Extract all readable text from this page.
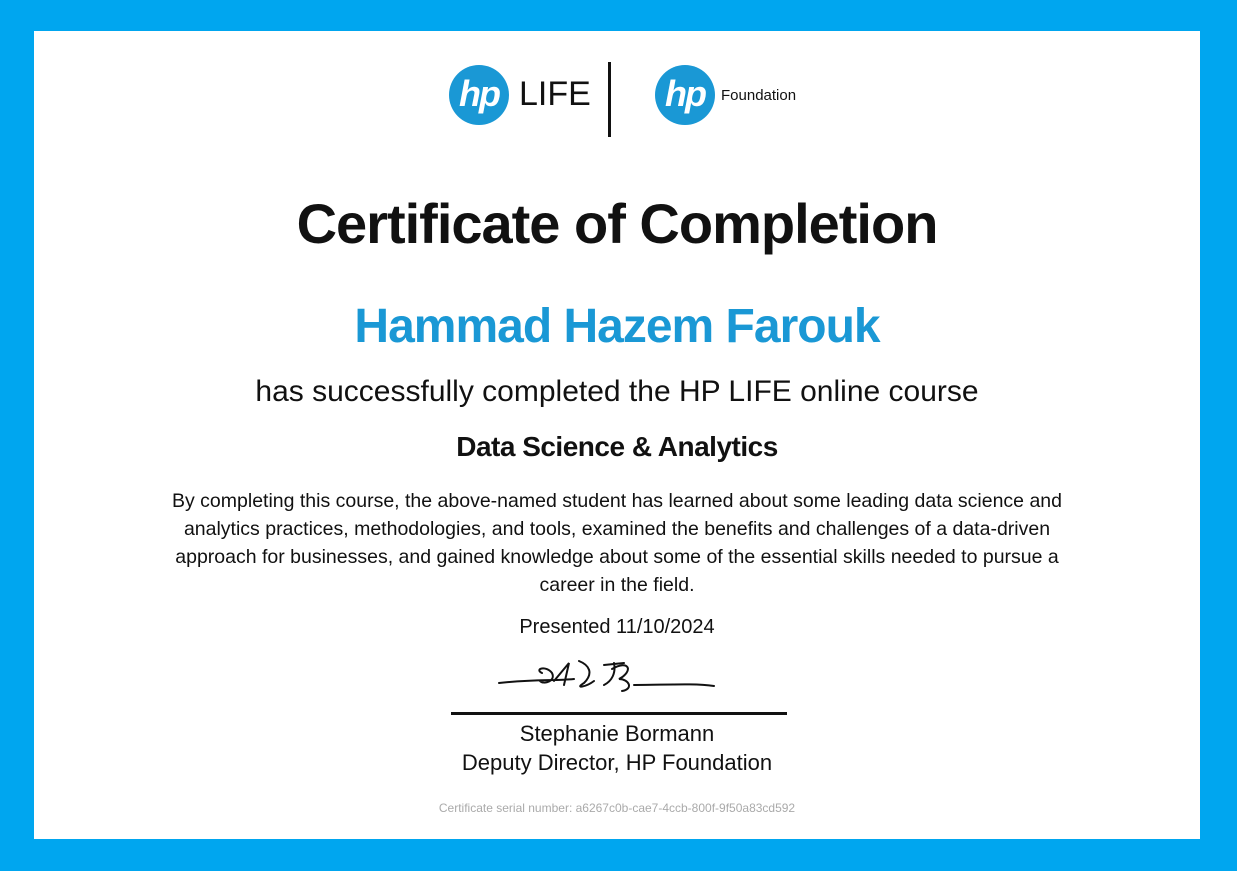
hp LIFE hp	Foundation
Certificate of Completion
Hammad Hazem Farouk
has successfully completed the HP LIFE online course
Data Science & Analytics
By completing this course, the above-named student has learned about some leading data science and analytics practices, methodologies, and tools, examined the benefits and challenges of a data-driven approach for businesses, and gained knowledge about some of the essential skills needed to pursue a career in the field.
Presented 11/10/2024
Stephanie Bormann
Deputy Director, HP Foundation
Certificate serial number: a6267c0b-cae7-4ccb-800f-9f50a83cd592
